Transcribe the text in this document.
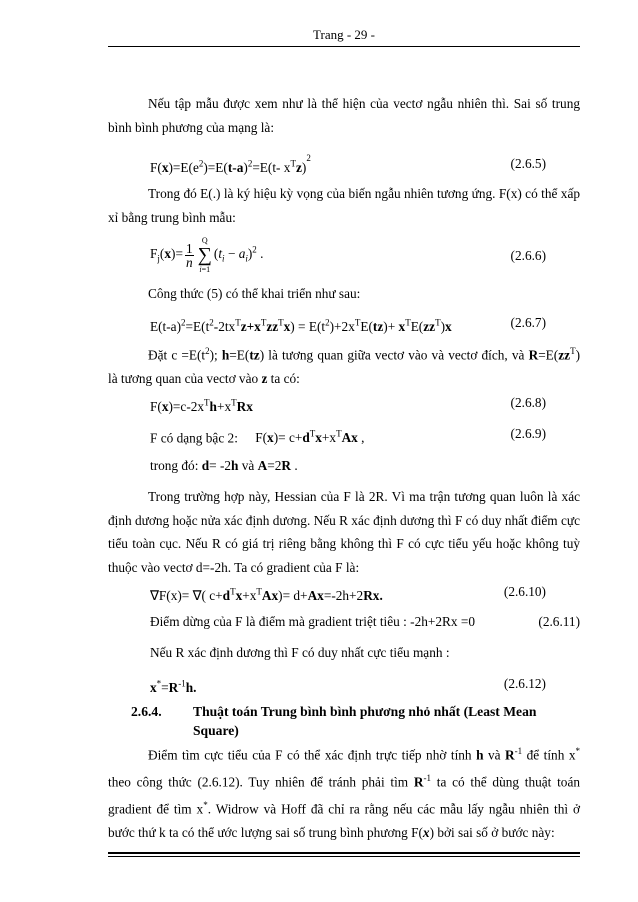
Trang - 29 -

Nếu tập mẫu được xem như là thể hiện của vectơ ngẫu nhiên thì. Sai số trung bình bình phương của mạng là:

$F(x)=E(e^2)=E(t-a)^2=E(t-$ $x^Tz)^2$	(2.6.5)

Trong đó E(.) là ký hiệu kỳ vọng của biến ngẫu nhiên tương ứng. F(x) có thể xấp xỉ bằng trung bình mẫu:

$F_j(x)= \frac{1}{n}$
Q
∑
$i=1(t_i - a_i)^2$ .	(2.6.6)

Công thức (5) có thể khai triển như sau:

$E(t-a)^2=E(t^2-2tx^Tz+x^Tzz^Tx) = E(t^2)+2x^TE(tz)+ x^TE(zz^T)x$	(2.6.7)

Đặt $c =E(t^2)$; h=E(tz) là tương quan giữa vectơ vào và vectơ đích, và $R=E(zz^T)$ là tương quan của vectơ vào z ta có:

$F(x)=c-2x^Th+x^TRx$	(2.6.8)
F có dạng bậc 2: $F(x)= c+d^Tx+x^TAx$ ,	(2.6.9)
trong đó: d= -2h và A=2R .

Trong trường hợp này, Hessian của F là 2R. Vì ma trận tương quan luôn là xác định dương hoặc nửa xác định dương. Nếu R xác định dương thì F có duy nhất điểm cực tiểu toàn cục. Nếu R có giá trị riêng bằng không thì F có cực tiểu yếu hoặc không tuỳ thuộc vào vectơ d=-2h. Ta có gradient của F là:

∇F(x)= ∇( $c+d^Tx+x^TAx)= d+Ax=-2h+2Rx$.	(2.6.10)
Điểm dừng của F là điểm mà gradient triệt tiêu : -2h+2Rx =0	(2.6.11)
Nếu R xác định dương thì F có duy nhất cực tiểu mạnh :
$x^*=R^{-1}h$.	(2.6.12)
2.6.4. Thuật toán Trung bình bình phương nhỏ nhất (Least Mean
Square)

Điểm tìm cực tiểu của F có thể xác định trực tiếp nhờ tính h và $R^{-1}$ để tính x* theo công thức (2.6.12). Tuy nhiên để tránh phải tìm $R^{-1}$ ta có thể dùng thuật toán gradient để tìm x*. Widrow và Hoff đã chỉ ra rằng nếu các mẫu lấy ngẫu nhiên thì ở bước thứ k ta có thể ước lượng sai số trung bình phương F(x) bởi sai số ở bước này:
